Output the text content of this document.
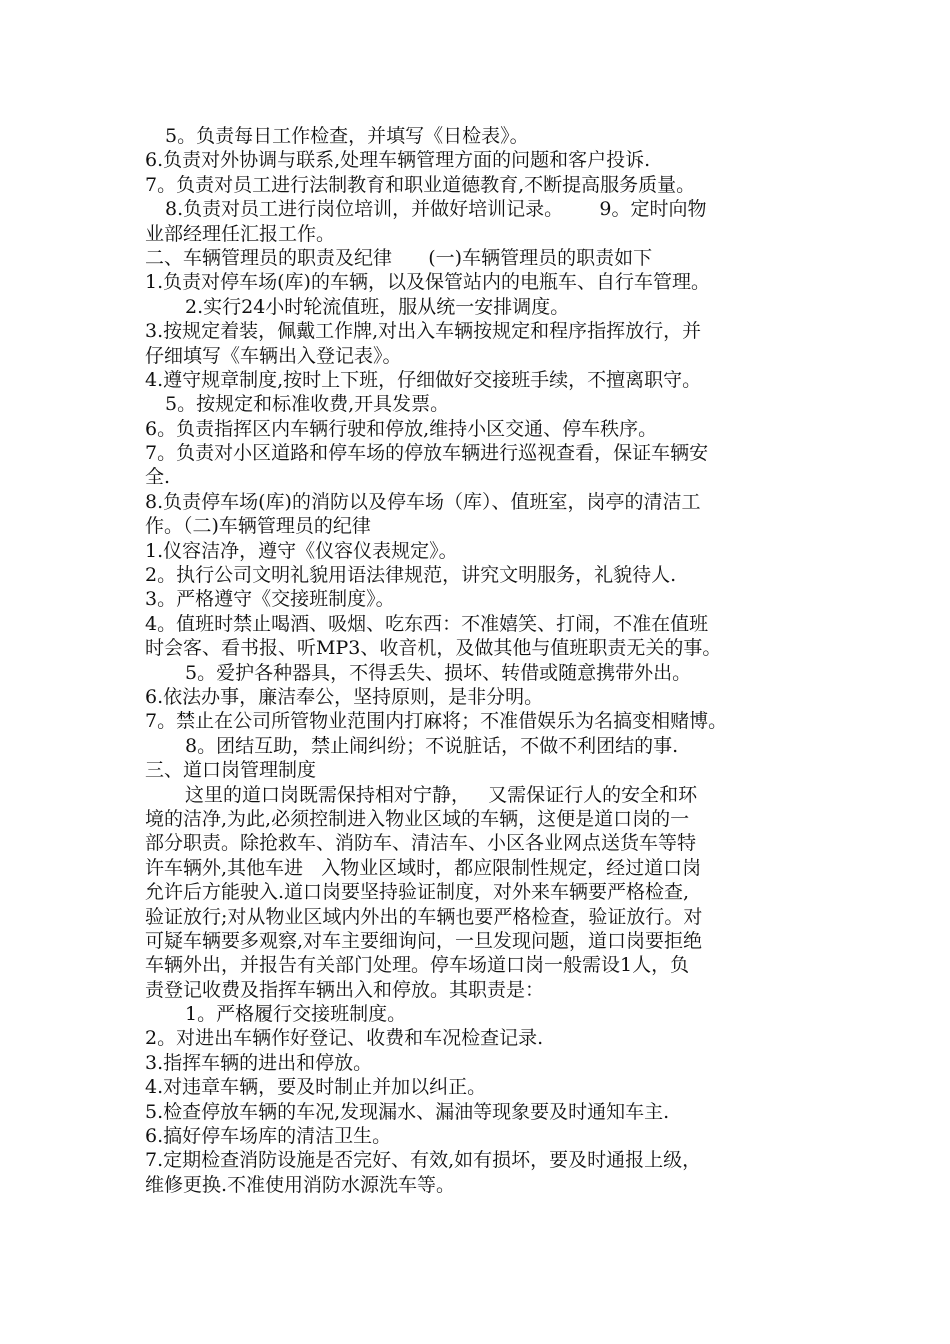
5。负责每日工作检查，并填写《日检表》。
6.负责对外协调与联系,处理车辆管理方面的问题和客户投诉.
7。负责对员工进行法制教育和职业道德教育,不断提高服务质量。
8.负责对员工进行岗位培训，并做好培训记录。      9。定时向物
业部经理任汇报工作。
二、车辆管理员的职责及纪律      (一)车辆管理员的职责如下
1.负责对停车场(库)的车辆，以及保管站内的电瓶车、自行车管理。
2.实行24小时轮流值班，服从统一安排调度。
3.按规定着装，佩戴工作牌,对出入车辆按规定和程序指挥放行，并
仔细填写《车辆出入登记表》。
4.遵守规章制度,按时上下班，仔细做好交接班手续，不擅离职守。
5。按规定和标准收费,开具发票。
6。负责指挥区内车辆行驶和停放,维持小区交通、停车秩序。
7。负责对小区道路和停车场的停放车辆进行巡视查看，保证车辆安
全.
8.负责停车场(库)的消防以及停车场（库）、值班室，岗亭的清洁工
作。（二)车辆管理员的纪律
1.仪容洁净，遵守《仪容仪表规定》。
2。执行公司文明礼貌用语法律规范，讲究文明服务，礼貌待人.
3。严格遵守《交接班制度》。
4。值班时禁止喝酒、吸烟、吃东西：不准嬉笑、打闹，不准在值班
时会客、看书报、听MP3、收音机，及做其他与值班职责无关的事。
5。爱护各种器具，不得丢失、损坏、转借或随意携带外出。
6.依法办事，廉洁奉公，坚持原则，是非分明。
7。禁止在公司所管物业范围内打麻将；不准借娱乐为名搞变相赌博。
8。团结互助，禁止闹纠纷；不说脏话，不做不利团结的事.
三、道口岗管理制度
这里的道口岗既需保持相对宁静，   又需保证行人的安全和环
境的洁净,为此,必须控制进入物业区域的车辆，这便是道口岗的一
部分职责。除抢救车、消防车、清洁车、小区各业网点送货车等特
许车辆外,其他车进   入物业区域时，都应限制性规定，经过道口岗
允许后方能驶入.道口岗要坚持验证制度，对外来车辆要严格检查,
验证放行;对从物业区域内外出的车辆也要严格检查，验证放行。对
可疑车辆要多观察,对车主要细询问，一旦发现问题，道口岗要拒绝
车辆外出，并报告有关部门处理。停车场道口岗一般需设1人，负
责登记收费及指挥车辆出入和停放。其职责是：
1。严格履行交接班制度。
2。对进出车辆作好登记、收费和车况检查记录.
3.指挥车辆的进出和停放。
4.对违章车辆，要及时制止并加以纠正。
5.检查停放车辆的车况,发现漏水、漏油等现象要及时通知车主.
6.搞好停车场库的清洁卫生。
7.定期检查消防设施是否完好、有效,如有损坏，要及时通报上级，
维修更换.不准使用消防水源洗车等。
